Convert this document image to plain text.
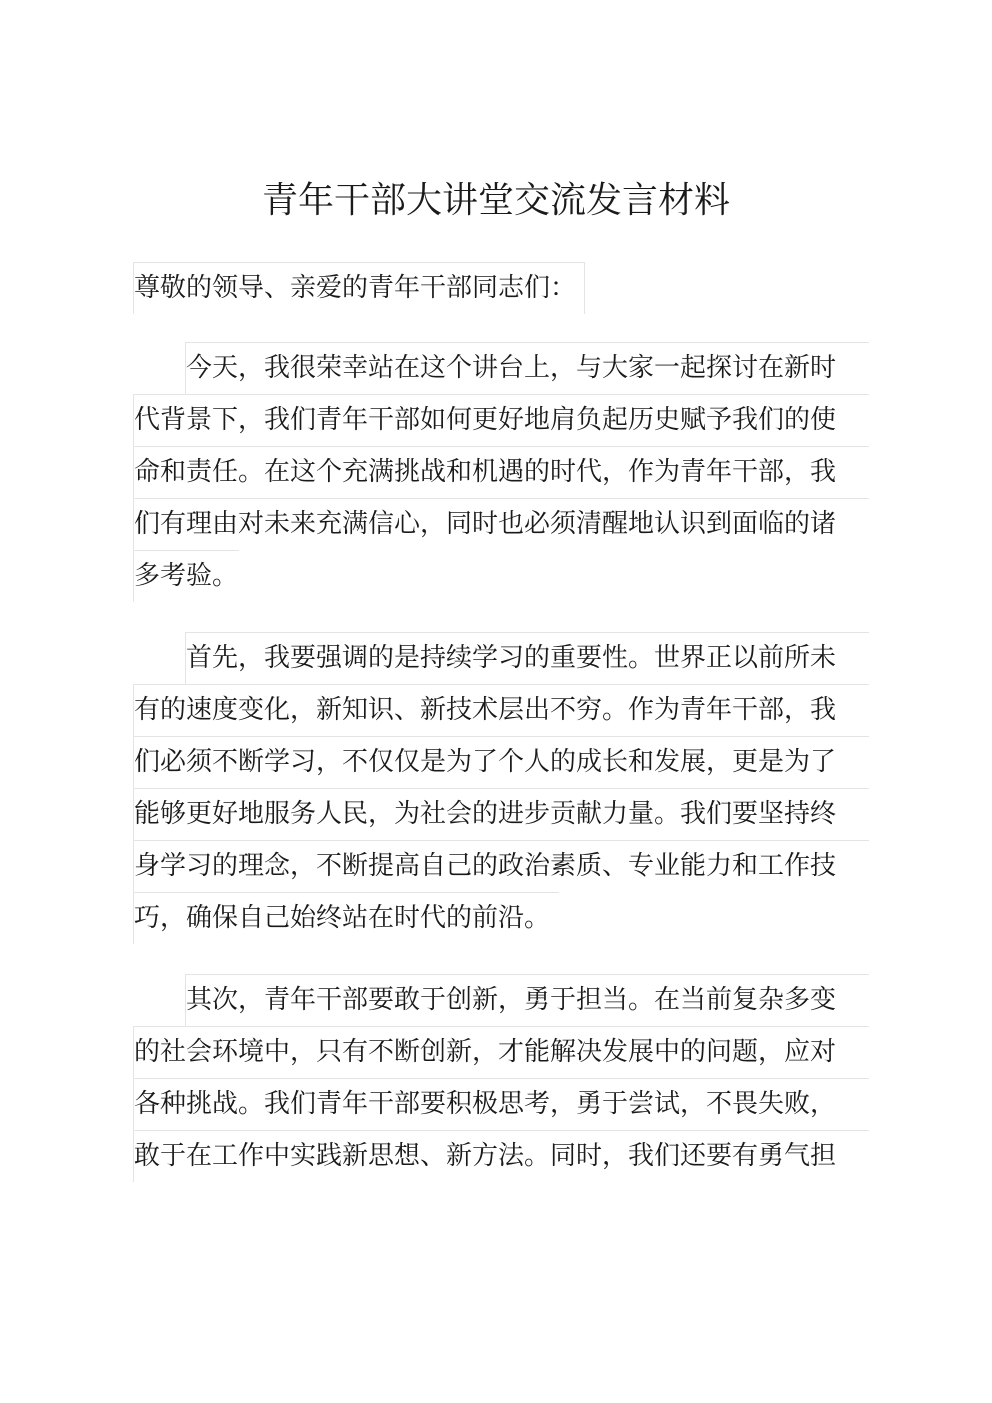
青年干部大讲堂交流发言材料
尊敬的领导、亲爱的青年干部同志们：
今天，我很荣幸站在这个讲台上，与大家一起探讨在新时
代背景下，我们青年干部如何更好地肩负起历史赋予我们的使
命和责任。在这个充满挑战和机遇的时代，作为青年干部，我
们有理由对未来充满信心，同时也必须清醒地认识到面临的诸
多考验。
首先，我要强调的是持续学习的重要性。世界正以前所未
有的速度变化，新知识、新技术层出不穷。作为青年干部，我
们必须不断学习，不仅仅是为了个人的成长和发展，更是为了
能够更好地服务人民，为社会的进步贡献力量。我们要坚持终
身学习的理念，不断提高自己的政治素质、专业能力和工作技
巧，确保自己始终站在时代的前沿。
其次，青年干部要敢于创新，勇于担当。在当前复杂多变
的社会环境中，只有不断创新，才能解决发展中的问题，应对
各种挑战。我们青年干部要积极思考，勇于尝试，不畏失败，
敢于在工作中实践新思想、新方法。同时，我们还要有勇气担
